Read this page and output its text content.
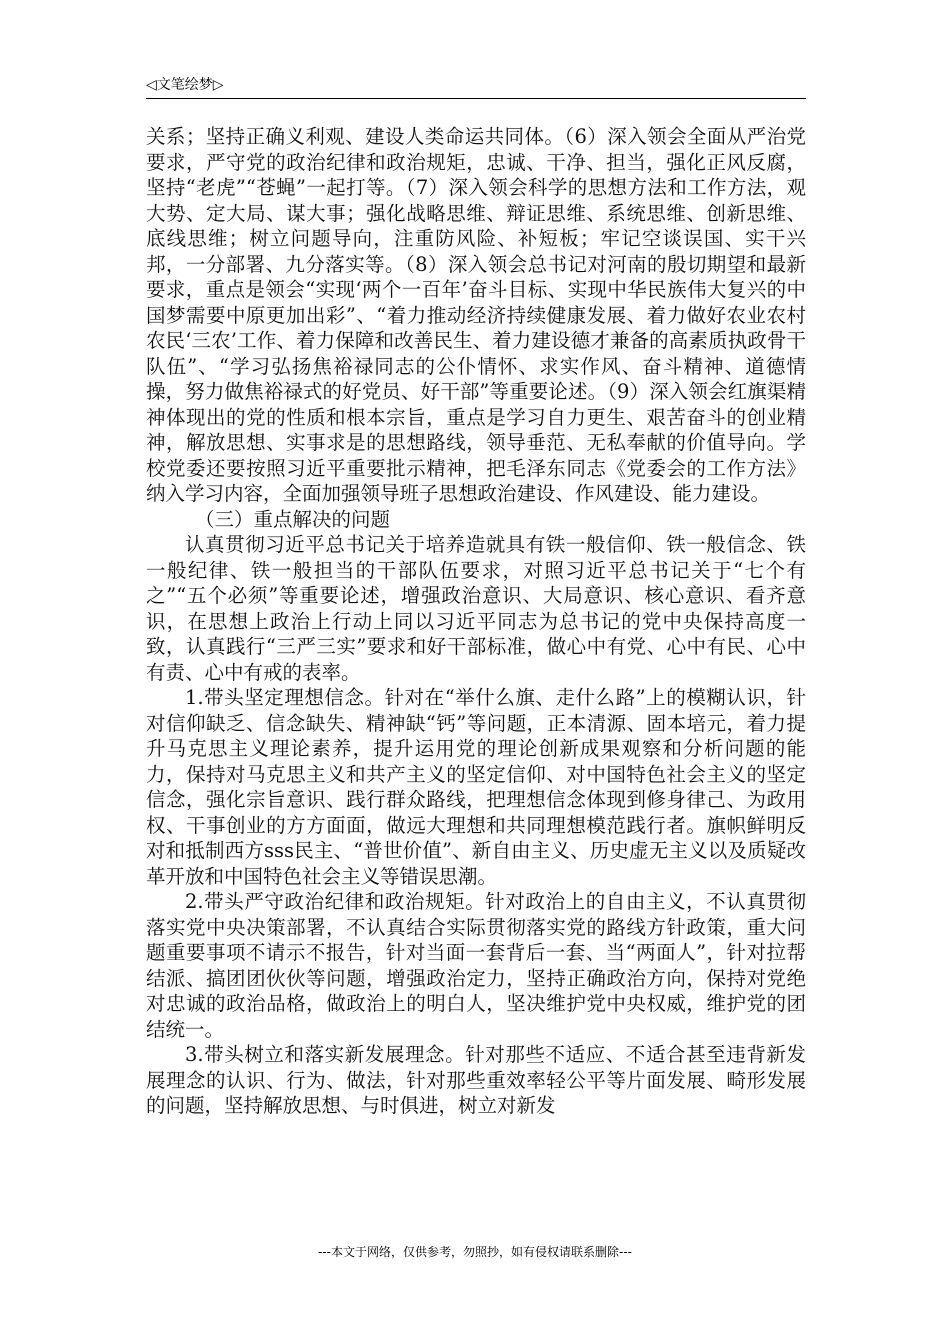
◁文笔绘梦▷

关系；坚持正确义利观、建设人类命运共同体。（6）深入领会全面从严治党要求，严守党的政治纪律和政治规矩，忠诚、干净、担当，强化正风反腐，坚持“老虎”“苍蝇”一起打等。（7）深入领会科学的思想方法和工作方法，观大势、定大局、谋大事；强化战略思维、辩证思维、系统思维、创新思维、底线思维；树立问题导向，注重防风险、补短板；牢记空谈误国、实干兴邦，一分部署、九分落实等。（8）深入领会总书记对河南的殷切期望和最新要求，重点是领会“实现‘两个一百年’奋斗目标、实现中华民族伟大复兴的中国梦需要中原更加出彩”、“着力推动经济持续健康发展、着力做好农业农村农民‘三农’工作、着力保障和改善民生、着力建设德才兼备的高素质执政骨干队伍”、“学习弘扬焦裕禄同志的公仆情怀、求实作风、奋斗精神、道德情操，努力做焦裕禄式的好党员、好干部”等重要论述。（9）深入领会红旗渠精神体现出的党的性质和根本宗旨，重点是学习自力更生、艰苦奋斗的创业精神，解放思想、实事求是的思想路线，领导垂范、无私奉献的价值导向。学校党委还要按照习近平重要批示精神，把毛泽东同志《党委会的工作方法》纳入学习内容，全面加强领导班子思想政治建设、作风建设、能力建设。

（三）重点解决的问题

认真贯彻习近平总书记关于培养造就具有铁一般信仰、铁一般信念、铁一般纪律、铁一般担当的干部队伍要求，对照习近平总书记关于“七个有之”“五个必须”等重要论述，增强政治意识、大局意识、核心意识、看齐意识，在思想上政治上行动上同以习近平同志为总书记的党中央保持高度一致，认真践行“三严三实”要求和好干部标准，做心中有党、心中有民、心中有责、心中有戒的表率。

1.带头坚定理想信念。针对在“举什么旗、走什么路”上的模糊认识，针对信仰缺乏、信念缺失、精神缺“钙”等问题，正本清源、固本培元，着力提升马克思主义理论素养，提升运用党的理论创新成果观察和分析问题的能力，保持对马克思主义和共产主义的坚定信仰、对中国特色社会主义的坚定信念，强化宗旨意识、践行群众路线，把理想信念体现到修身律己、为政用权、干事创业的方方面面，做远大理想和共同理想模范践行者。旗帜鲜明反对和抵制西方sss民主、“普世价值”、新自由主义、历史虚无主义以及质疑改革开放和中国特色社会主义等错误思潮。

2.带头严守政治纪律和政治规矩。针对政治上的自由主义，不认真贯彻落实党中央决策部署，不认真结合实际贯彻落实党的路线方针政策，重大问题重要事项不请示不报告，针对当面一套背后一套、当“两面人”，针对拉帮结派、搞团团伙伙等问题，增强政治定力，坚持正确政治方向，保持对党绝对忠诚的政治品格，做政治上的明白人，坚决维护党中央权威，维护党的团结统一。

3.带头树立和落实新发展理念。针对那些不适应、不适合甚至违背新发展理念的认识、行为、做法，针对那些重效率轻公平等片面发展、畸形发展的问题，坚持解放思想、与时俱进，树立对新发

---本文于网络，仅供参考，勿照抄，如有侵权请联系删除---
